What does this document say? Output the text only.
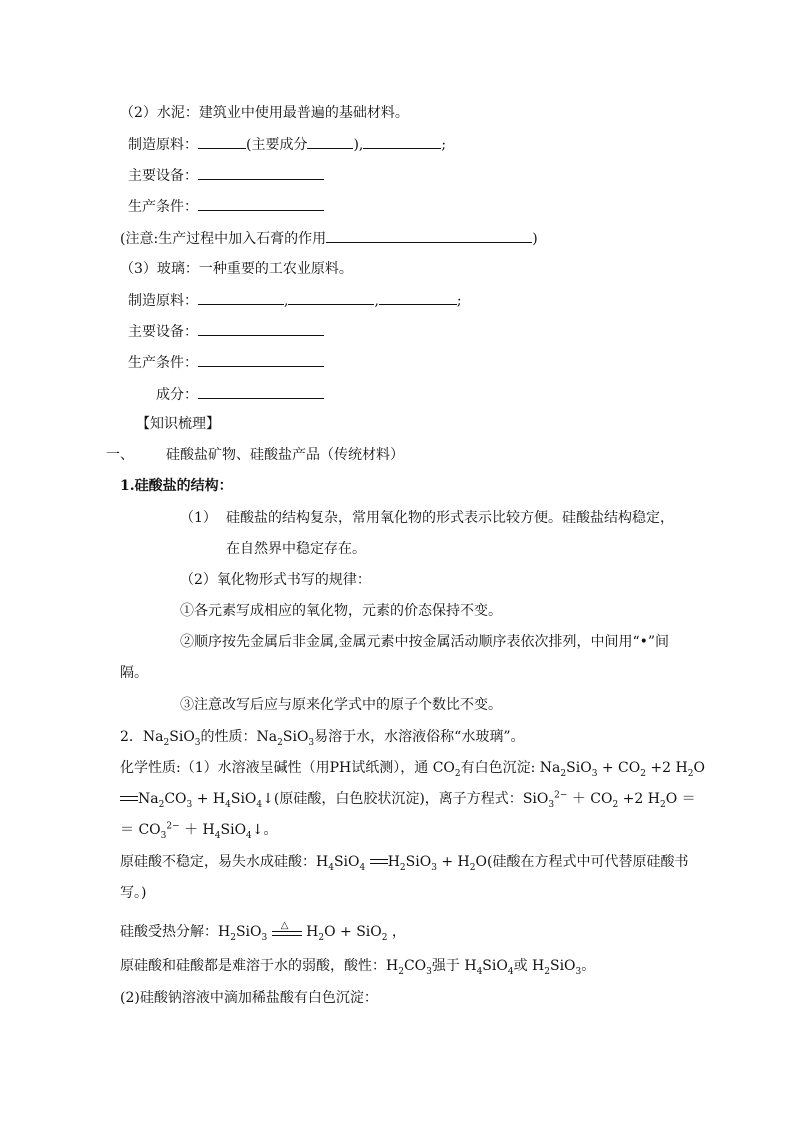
（2）水泥：建筑业中使用最普遍的基础材料。
制造原料：	(主要成分	),	;
主要设备：
生产条件：
(注意:生产过程中加入石膏的作用	)
（3）玻璃：一种重要的工农业原料。
制造原料：	,	,	;
主要设备：
生产条件：
成分：
【知识梳理】
一、 硅酸盐矿物、硅酸盐产品（传统材料）
1.硅酸盐的结构：
（1） 硅酸盐的结构复杂，常用氧化物的形式表示比较方便。硅酸盐结构稳定，
在自然界中稳定存在。
（2）氧化物形式书写的规律：
①各元素写成相应的氧化物，元素的价态保持不变。
②顺序按先金属后非金属,金属元素中按金属活动顺序表依次排列，中间用“•”间
隔。
③注意改写后应与原来化学式中的原子个数比不变。
2．$Na_2SiO_3$的性质：$Na_2SiO_3$易溶于水，水溶液俗称“水玻璃”。
化学性质:（1）水溶液呈碱性（用PH试纸测），通 $CO_2$有白色沉淀: $Na_2SiO_3 + CO_2 +2$ $H_2O$
$Na_2CO_3$ + $H_4SiO_4↓$(原硅酸，白色胶状沉淀)，离子方程式：$SiO_3^{2-} + CO_2 +2$ $H_2O$ ＝
＝ $CO_3^{2-}$ ＋ $H_4SiO_4↓$。
原硅酸不稳定，易失水成硅酸：$H_4SiO_4$ $H_2SiO_3 + H_2O$(硅酸在方程式中可代替原硅酸书
写。)
硅酸受热分解：$H_2SiO_3$
△ $H_2O + SiO_2$ ，
原硅酸和硅酸都是难溶于水的弱酸，酸性：$H_2CO_3$强于 $H_4SiO_4$或 $H_2SiO_3$。
(2)硅酸钠溶液中滴加稀盐酸有白色沉淀：
